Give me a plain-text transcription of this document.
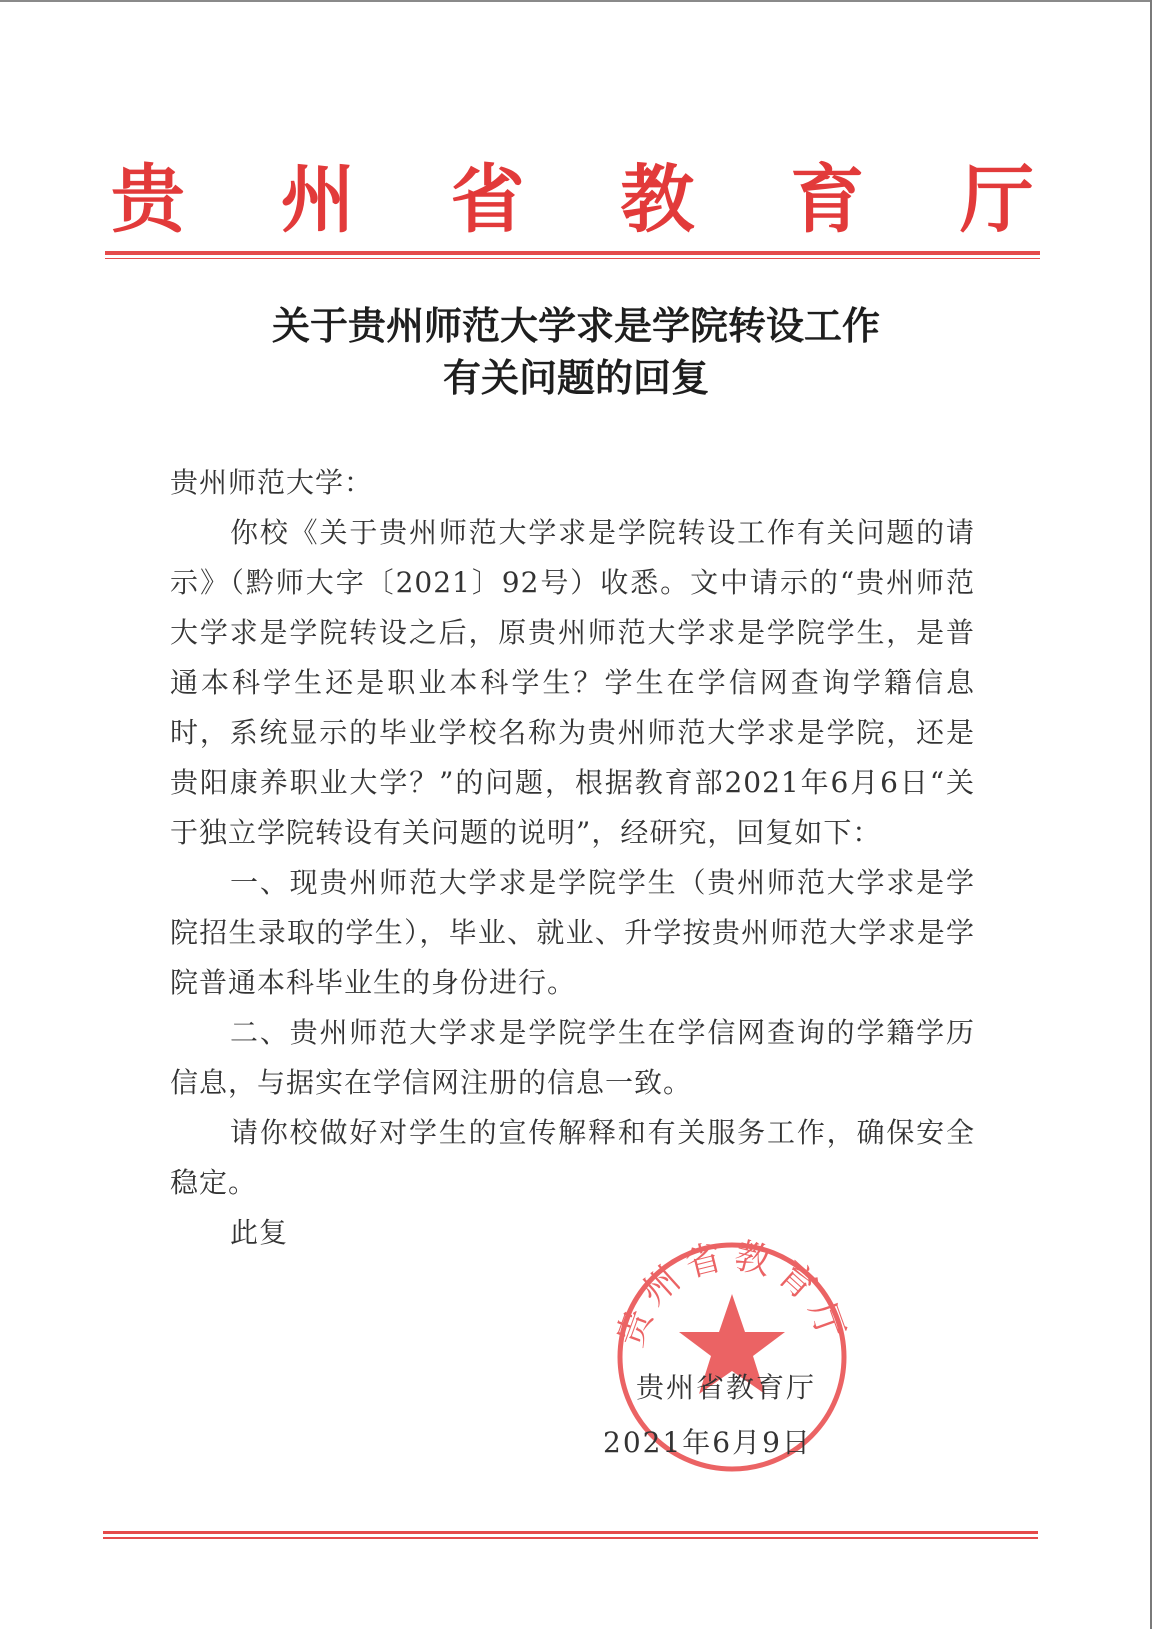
贵 州 省 教 育 厅
关于贵州师范大学求是学院转设工作
有关问题的回复

贵州师范大学：

你校《关于贵州师范大学求是学院转设工作有关问题的请示》（黔师大字〔2021〕92号）收悉。文中请示的“贵州师范大学求是学院转设之后，原贵州师范大学求是学院学生，是普通本科学生还是职业本科学生？学生在学信网查询学籍信息时，系统显示的毕业学校名称为贵州师范大学求是学院，还是贵阳康养职业大学？”的问题，根据教育部2021年6月6日“关于独立学院转设有关问题的说明”，经研究，回复如下：

一、现贵州师范大学求是学院学生（贵州师范大学求是学院招生录取的学生），毕业、就业、升学按贵州师范大学求是学院普通本科毕业生的身份进行。

二、贵州师范大学求是学院学生在学信网查询的学籍学历信息，与据实在学信网注册的信息一致。

请你校做好对学生的宣传解释和有关服务工作，确保安全稳定。

此复

贵州省教育厅
贵州省教育厅
2021年6月9日
